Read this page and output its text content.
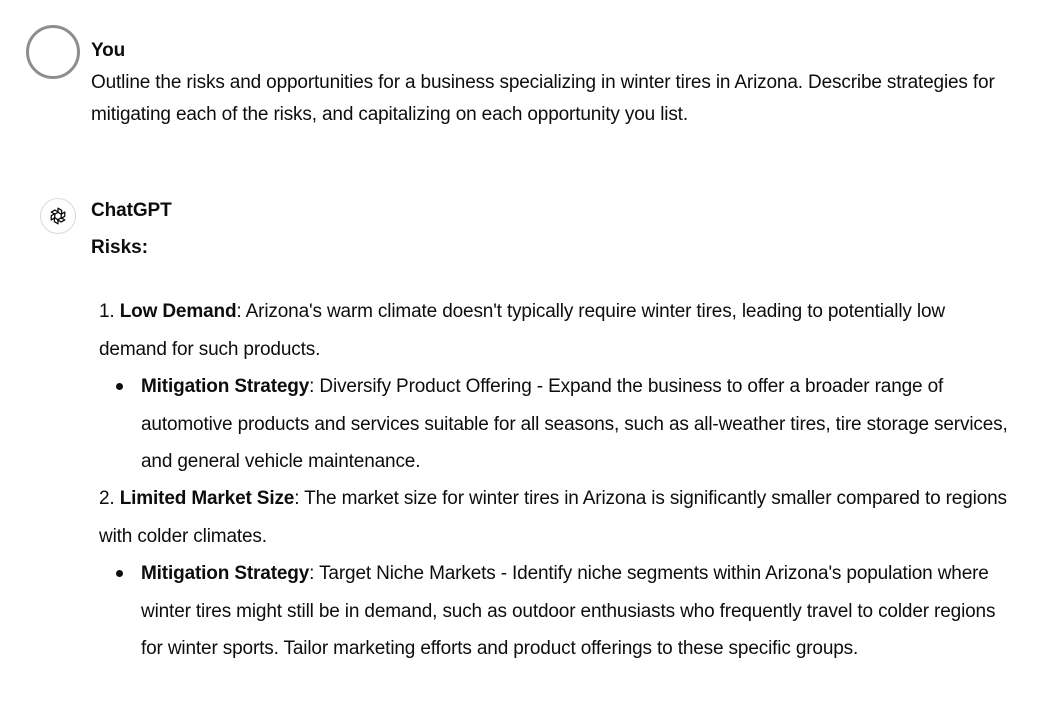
You
Outline the risks and opportunities for a business specializing in winter tires in Arizona. Describe strategies for mitigating each of the risks, and capitalizing on each opportunity you list.
ChatGPT
Risks:
1. Low Demand: Arizona's warm climate doesn't typically require winter tires, leading to potentially low demand for such products.
Mitigation Strategy: Diversify Product Offering - Expand the business to offer a broader range of automotive products and services suitable for all seasons, such as all-weather tires, tire storage services, and general vehicle maintenance.
2. Limited Market Size: The market size for winter tires in Arizona is significantly smaller compared to regions with colder climates.
Mitigation Strategy: Target Niche Markets - Identify niche segments within Arizona's population where winter tires might still be in demand, such as outdoor enthusiasts who frequently travel to colder regions for winter sports. Tailor marketing efforts and product offerings to these specific groups.
